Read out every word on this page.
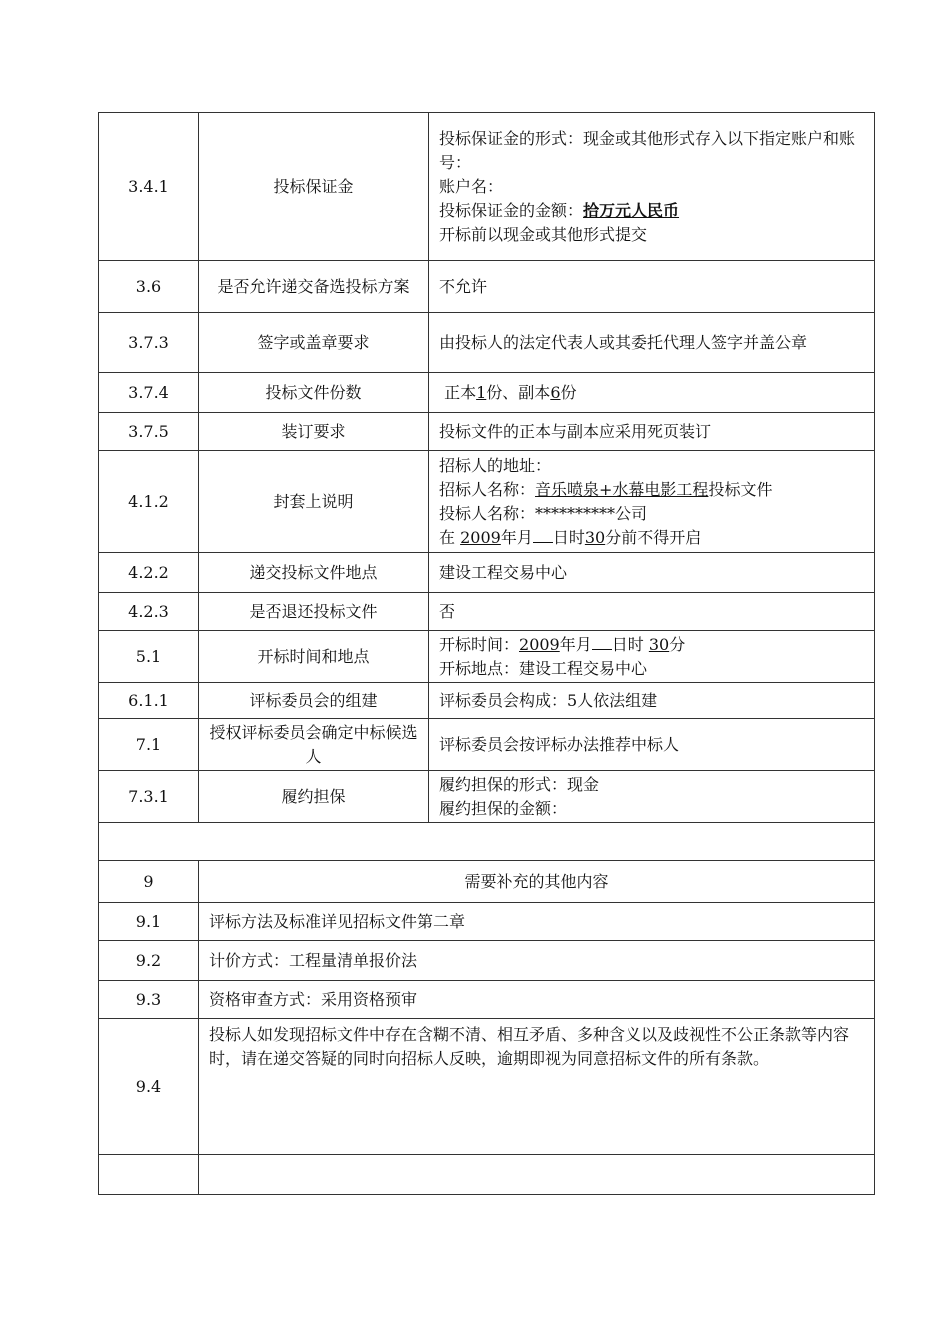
3.4.1	投标保证金	投标保证金的形式：现金或其他形式存入以下指定账户和账号：
账户名：
投标保证金的金额：拾万元人民币
开标前以现金或其他形式提交

3.6	是否允许递交备选投标方案	不允许
3.7.3	签字或盖章要求	由投标人的法定代表人或其委托代理人签字并盖公章
3.7.4	投标文件份数	正本1份、副本6份
3.7.5	装订要求	投标文件的正本与副本应采用死页装订
4.1.2	封套上说明	招标人的地址：
招标人名称：音乐喷泉+水幕电影工程投标文件
投标人名称：**********公司
在 2009年月 日时30分前不得开启

4.2.2	递交投标文件地点	建设工程交易中心
4.2.3	是否退还投标文件	否
5.1	开标时间和地点	开标时间：2009年月 日时 30分
开标地点：建设工程交易中心

6.1.1	评标委员会的组建	评标委员会构成：5人依法组建
7.1	授权评标委员会确定中标候选人	评标委员会按评标办法推荐中标人
7.3.1	履约担保	履约担保的形式：现金
履约担保的金额：

9	需要补充的其他内容	
9.1	评标方法及标准详见招标文件第二章	
9.2	计价方式：工程量清单报价法	
9.3	资格审查方式：采用资格预审	
9.4	投标人如发现招标文件中存在含糊不清、相互矛盾、多种含义以及歧视性不公正条款等内容时，请在递交答疑的同时向招标人反映，逾期即视为同意招标文件的所有条款。	
